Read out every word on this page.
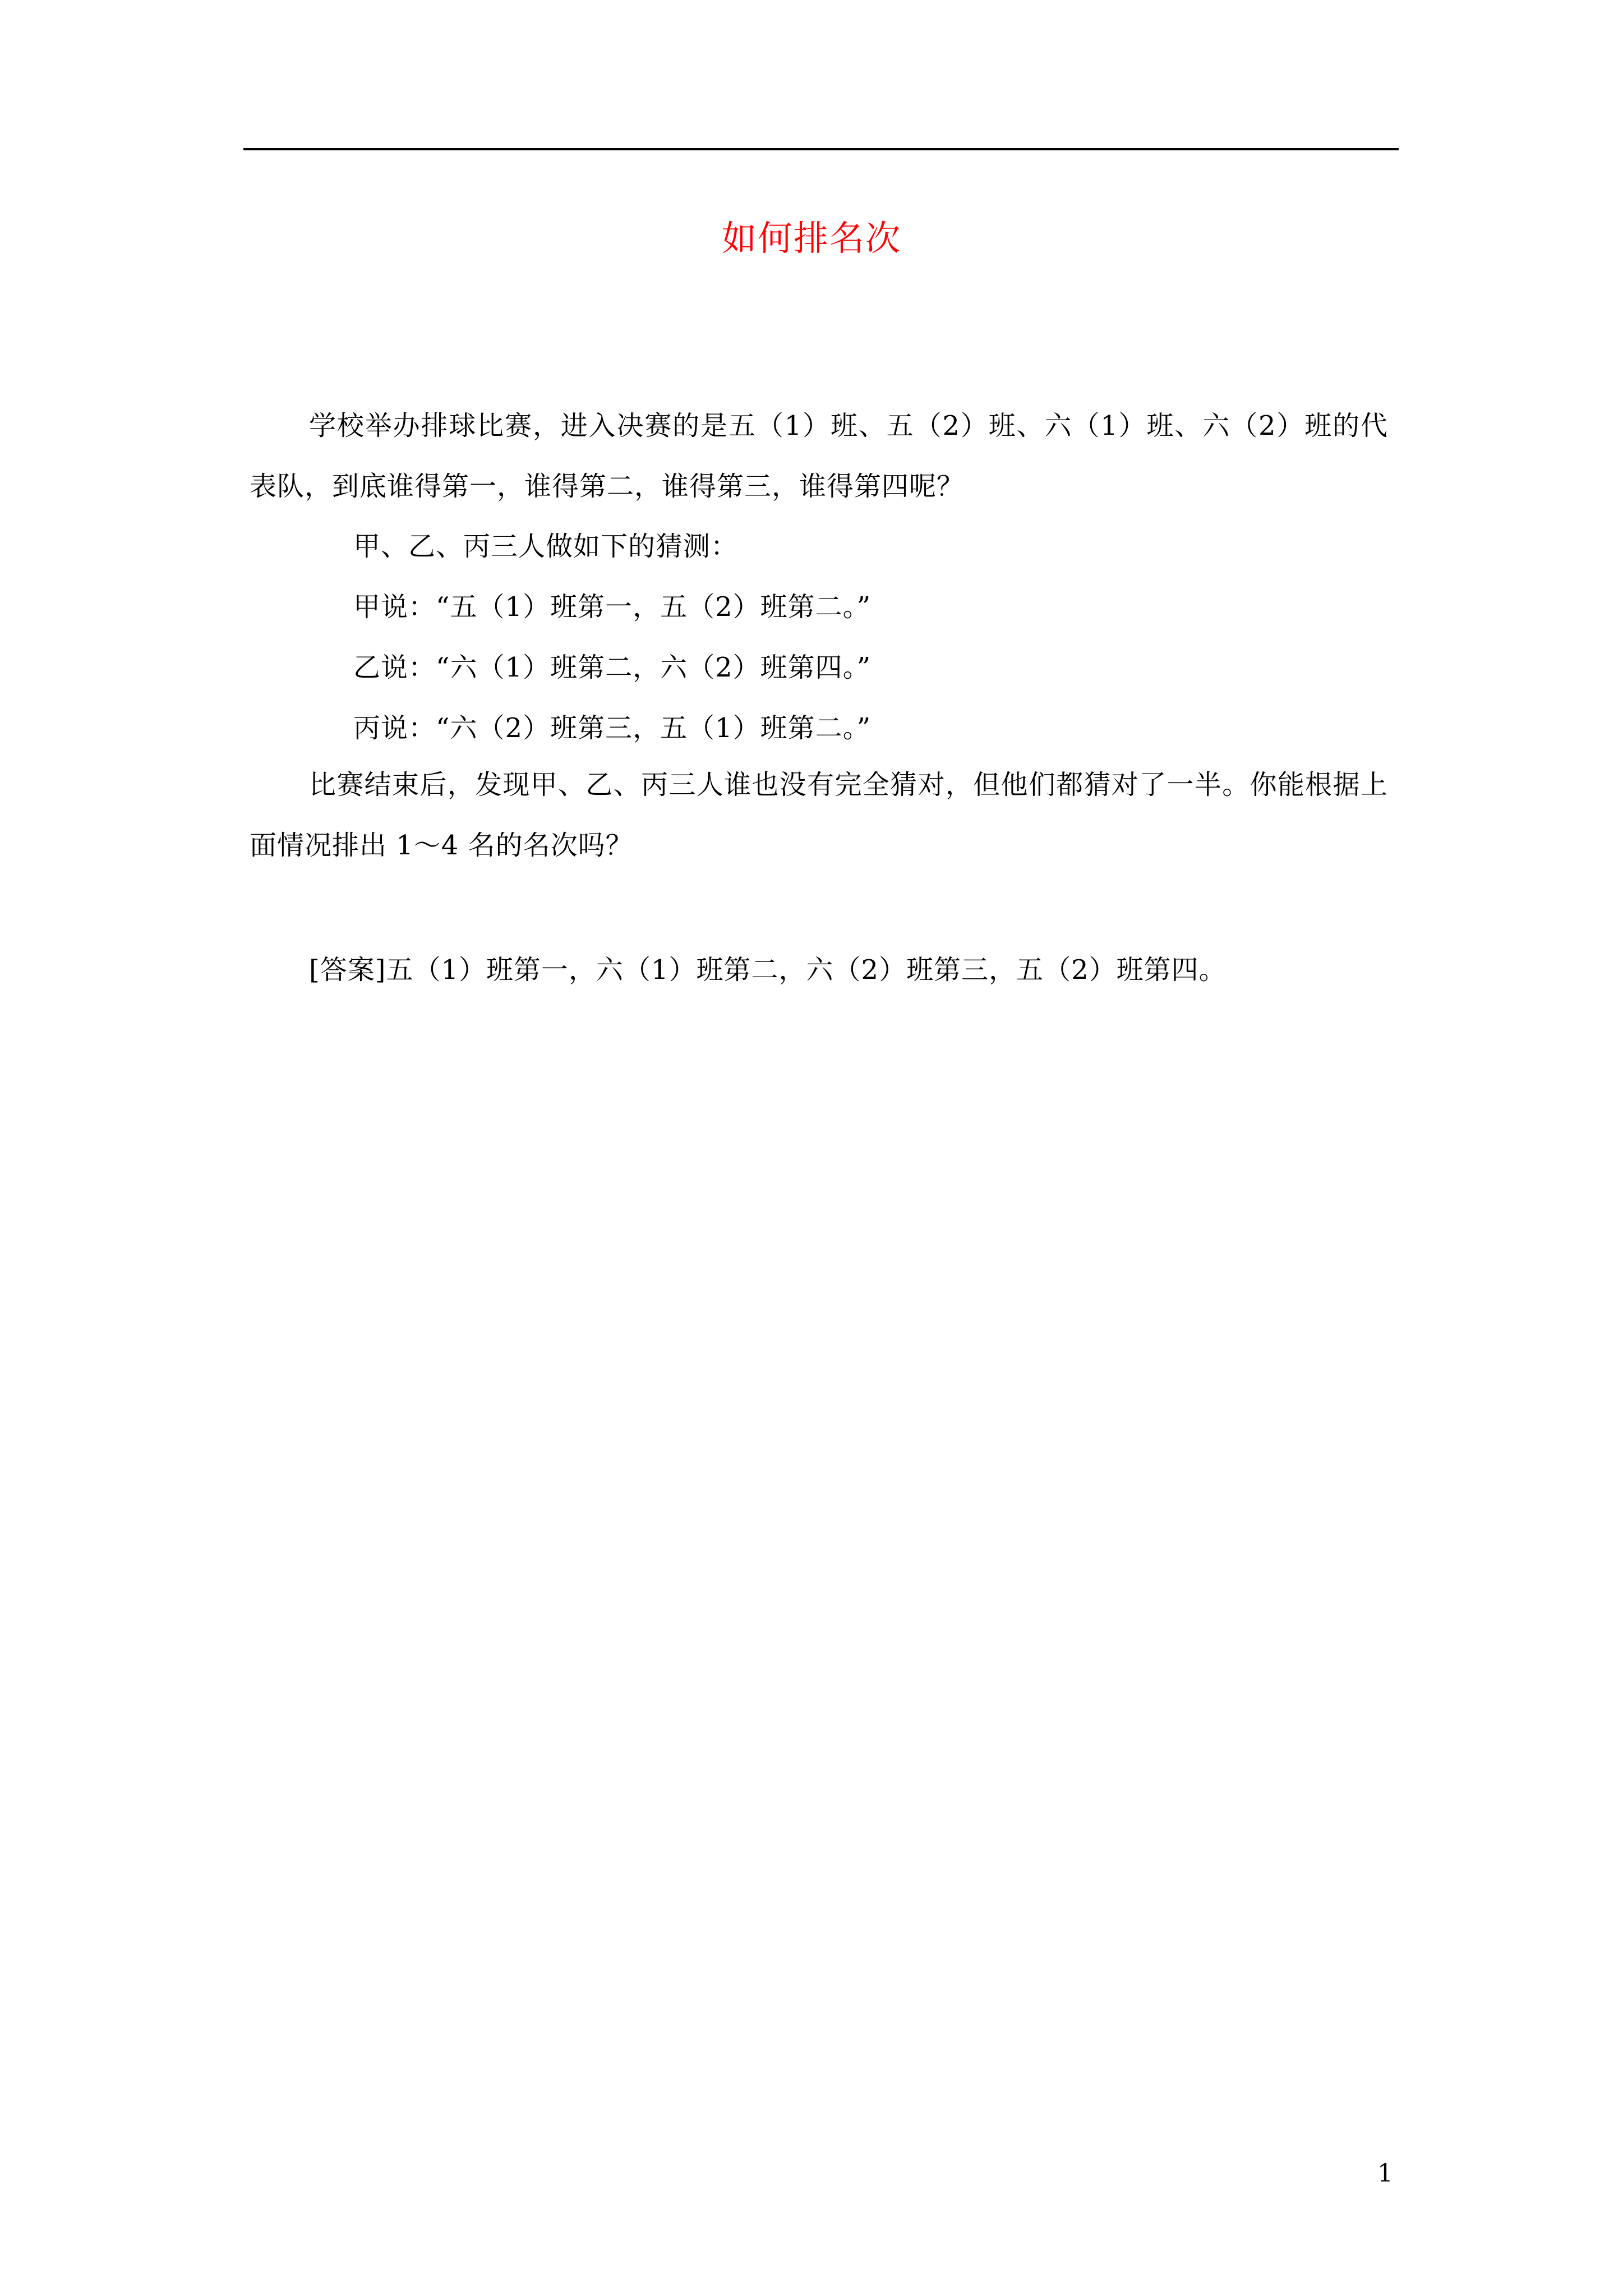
如何排名次

学校举办排球比赛，进入决赛的是五（1）班、五（2）班、六（1）班、六（2）班的代表队，到底谁得第一，谁得第二，谁得第三，谁得第四呢？

甲、乙、丙三人做如下的猜测：
甲说：“五（1）班第一，五（2）班第二。”
乙说：“六（1）班第二，六（2）班第四。”
丙说：“六（2）班第三，五（1）班第二。”

比赛结束后，发现甲、乙、丙三人谁也没有完全猜对，但他们都猜对了一半。你能根据上面情况排出 1～4 名的名次吗？

[答案]五（1）班第一，六（1）班第二，六（2）班第三，五（2）班第四。
1
